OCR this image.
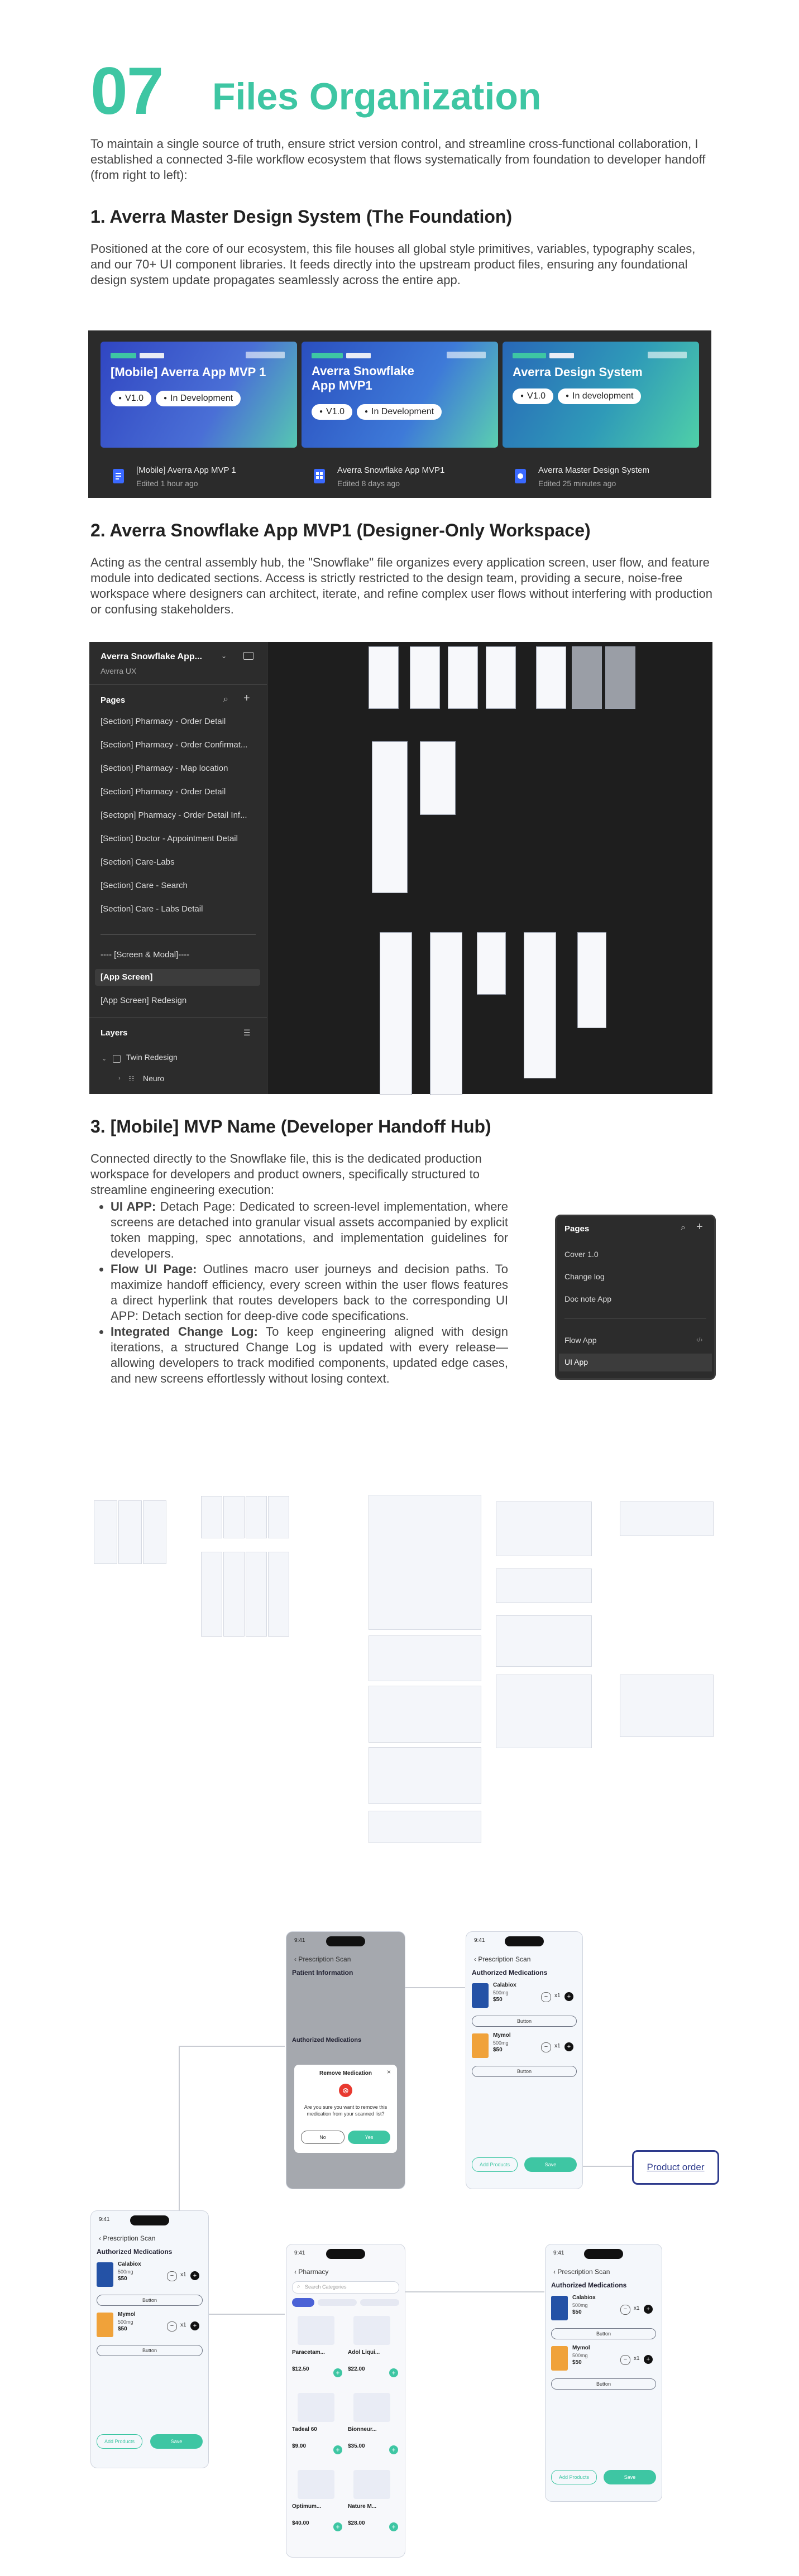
07 Files Organization
To maintain a single source of truth, ensure strict version control, and streamline cross-functional collaboration, I established a connected 3-file workflow ecosystem that flows systematically from foundation to developer handoff (from right to left):
1. Averra Master Design System (The Foundation)
Positioned at the core of our ecosystem, this file houses all global style primitives, variables, typography scales, and our 70+ UI component libraries. It feeds directly into the upstream product files, ensuring any foundational design system update propagates seamlessly across the entire app.
[Mobile] Averra App MVP 1
● V1.0	● In Development
[Mobile] Averra App MVP 1
Edited 1 hour ago
Averra Snowflake App MVP1
● V1.0	● In Development
Averra Snowflake App MVP1
Edited 8 days ago
Averra Design System
● V1.0	● In development
Averra Master Design System
Edited 25 minutes ago
2. Averra Snowflake App MVP1 (Designer-Only Workspace)
Acting as the central assembly hub, the "Snowflake" file organizes every application screen, user flow, and feature module into dedicated sections. Access is strictly restricted to the design team, providing a secure, noise-free workspace where designers can architect, iterate, and refine complex user flows without interfering with production or confusing stakeholders.
Averra Snowflake App...	⌄
Averra UX
Pages	⌕ +
[Section] Pharmacy - Order Detail
[Section] Pharmacy - Order Confirmat...
[Section] Pharmacy - Map location
[Section] Pharmacy - Order Detail
[Sectopn] Pharmacy - Order Detail Inf...
[Section] Doctor - Appointment Detail
[Section] Care-Labs
[Section] Care - Search
[Section] Care - Labs Detail
---- [Screen & Modal]----
[App Screen]
[App Screen] Redesign
Layers	☰
⌄ Twin Redesign
› ☷ Neuro
3. [Mobile] MVP Name (Developer Handoff Hub)
Connected directly to the Snowflake file, this is the dedicated production workspace for developers and product owners, specifically structured to streamline engineering execution:
• UI APP: Detach Page: Dedicated to screen-level implementation, where screens are detached into granular visual assets accompanied by explicit token mapping, spec annotations, and implementation guidelines for developers.
• Flow UI Page: Outlines macro user journeys and decision paths. To maximize handoff efficiency, every screen within the user flows features a direct hyperlink that routes developers back to the corresponding UI APP: Detach section for deep-dive code specifications.
• Integrated Change Log: To keep engineering aligned with design iterations, a structured Change Log is updated with every release—allowing developers to track modified components, updated edge cases, and new screens effortlessly without losing context.
Pages	⌕ +
Cover 1.0
Change log
Doc note App
Flow App	‹/›
UI App
9:41
‹ Prescription Scan
Patient Information
Authorized Medications
Remove Medication	×
⊗
Are you sure you want to remove this medication from your scanned list?
No	Yes
9:41
‹ Prescription Scan
Authorized Medications
Calabiox
500mg
$50	−	x1	+
Button
Mymol
500mg
$50	−	x1	+
Button
Add Products	Save	Product order
9:41
‹ Prescription Scan
Authorized Medications
Calabiox
500mg
$50	−	x1	+
Button
Mymol
500mg
$50	−	x1	+
Button
Add Products	Save
9:41
‹ Pharmacy
⌕ Search Categories
Paracetam...
$12.50	+
Adol Liqui...
$22.00	+
Tadeal 60
$9.00	+
Bionneur...
$35.00	+
Optimum...
$40.00	+
Nature M...
$28.00	+
9:41
‹ Prescription Scan
Authorized Medications
Calabiox
500mg
$50	−	x1	+
Button
Mymol
500mg
$50	−	x1	+
Button
Add Products	Save
